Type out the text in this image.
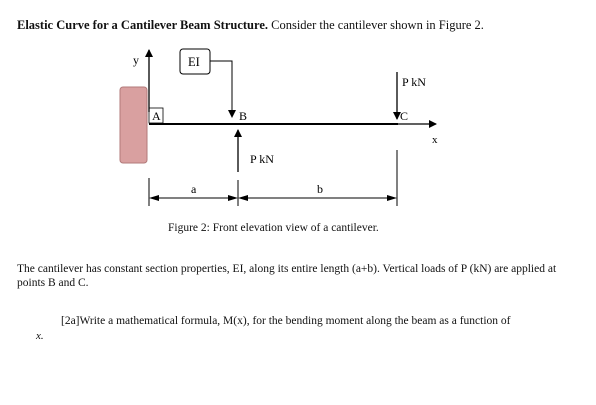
Elastic Curve for a Cantilever Beam Structure. Consider the cantilever shown in Figure 2.
y	EI
A	B	C
x
P kN
P kN
a	b
Figure 2: Front elevation view of a cantilever.
The cantilever has constant section properties, EI, along its entire length (a+b). Vertical loads of P (kN) are applied at points B and C.
[2a]Write a mathematical formula, M(x), for the bending moment along the beam as a function of
x.
